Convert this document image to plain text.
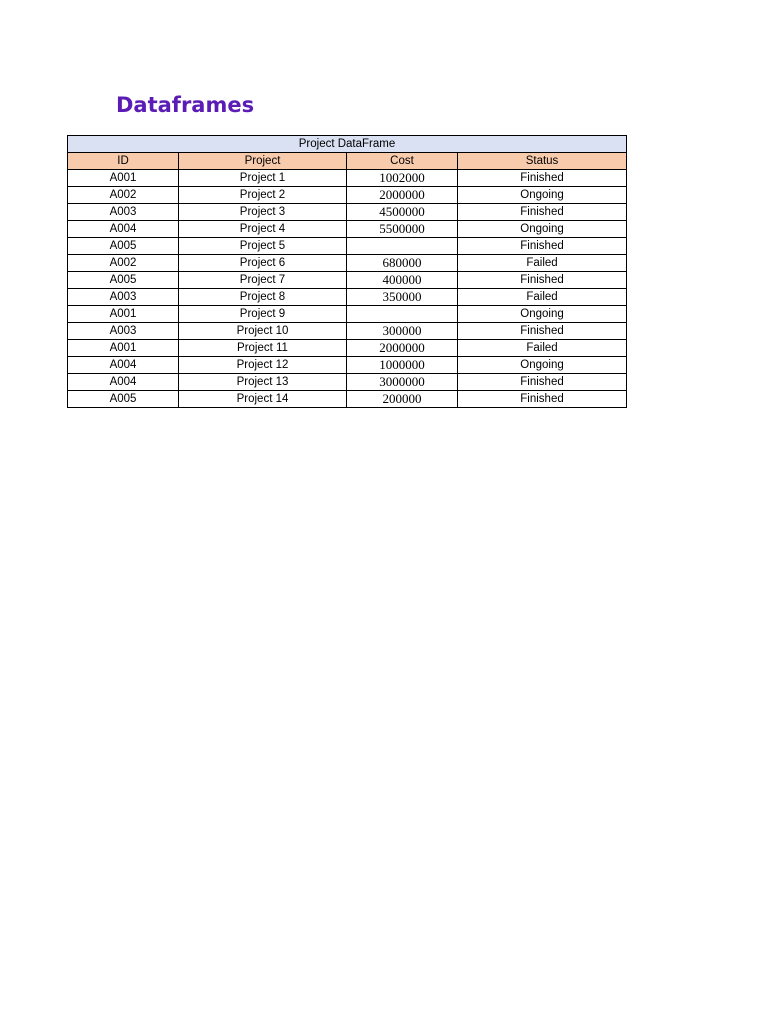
Dataframes
Project DataFrame			
ID	Project	Cost	Status
A001	Project 1	1002000	Finished
A002	Project 2	2000000	Ongoing
A003	Project 3	4500000	Finished
A004	Project 4	5500000	Ongoing
A005	Project 5		Finished
A002	Project 6	680000	Failed
A005	Project 7	400000	Finished
A003	Project 8	350000	Failed
A001	Project 9		Ongoing
A003	Project 10	300000	Finished
A001	Project 11	2000000	Failed
A004	Project 12	1000000	Ongoing
A004	Project 13	3000000	Finished
A005	Project 14	200000	Finished
